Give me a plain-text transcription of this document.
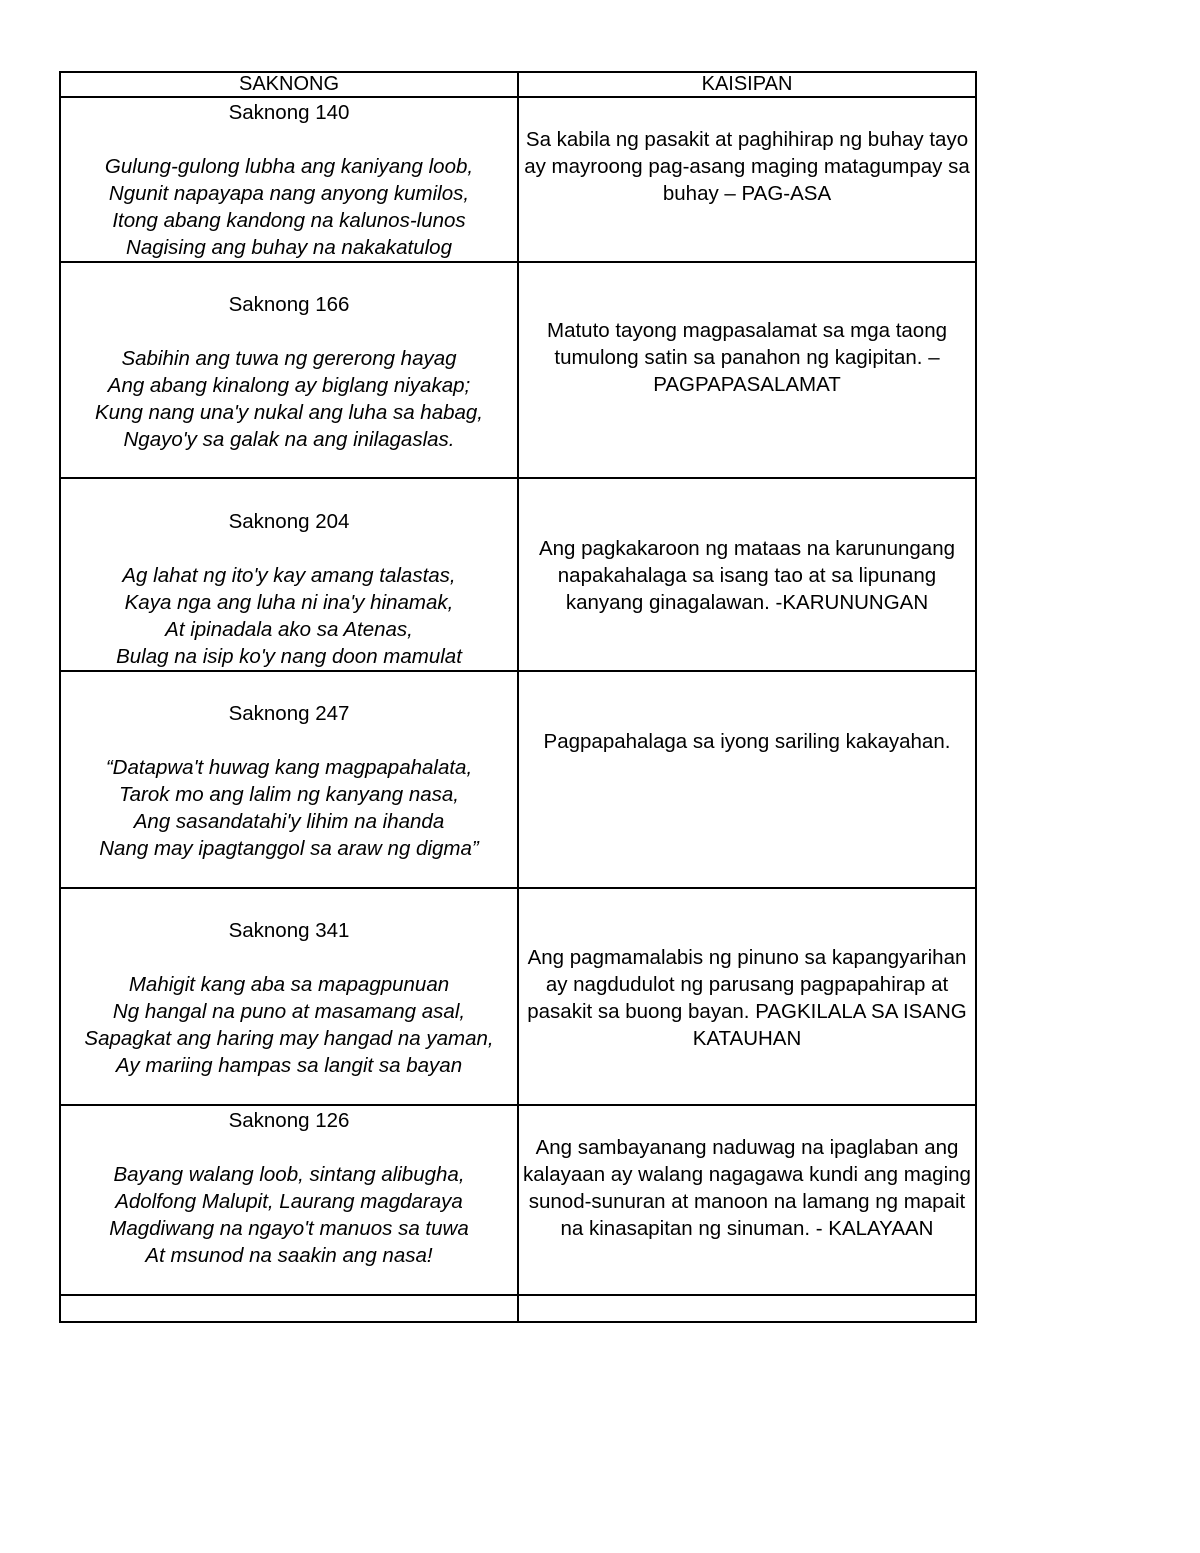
SAKNONG	KAISIPAN

Saknong 140
Gulung-gulong lubha ang kaniyang loob,
Ngunit napayapa nang anyong kumilos,
Itong abang kandong na kalunos-lunos
Nagising ang buhay na nakakatulog	Sa kabila ng pasakit at paghihirap ng buhay tayo ay mayroong pag-asang maging matagumpay sa buhay – PAG-ASA

Saknong 166
Sabihin ang tuwa ng gererong hayag
Ang abang kinalong ay biglang niyakap;
Kung nang una'y nukal ang luha sa habag,
Ngayo'y sa galak na ang inilagaslas.	Matuto tayong magpasalamat sa mga taong tumulong satin sa panahon ng kagipitan. – PAGPAPASALAMAT

Saknong 204
Ag lahat ng ito'y kay amang talastas,
Kaya nga ang luha ni ina'y hinamak,
At ipinadala ako sa Atenas,
Bulag na isip ko'y nang doon mamulat	Ang pagkakaroon ng mataas na karunungang napakahalaga sa isang tao at sa lipunang kanyang ginagalawan. -KARUNUNGAN

Saknong 247
“Datapwa't huwag kang magpapahalata,
Tarok mo ang lalim ng kanyang nasa,
Ang sasandatahi'y lihim na ihanda
Nang may ipagtanggol sa araw ng digma”	Pagpapahalaga sa iyong sariling kakayahan.

Saknong 341
Mahigit kang aba sa mapagpunuan
Ng hangal na puno at masamang asal,
Sapagkat ang haring may hangad na yaman,
Ay mariing hampas sa langit sa bayan	Ang pagmamalabis ng pinuno sa kapangyarihan ay nagdudulot ng parusang pagpapahirap at pasakit sa buong bayan. PAGKILALA SA ISANG KATAUHAN

Saknong 126
Bayang walang loob, sintang alibugha,
Adolfong Malupit, Laurang magdaraya
Magdiwang na ngayo't manuos sa tuwa
At msunod na saakin ang nasa!	Ang sambayanang naduwag na ipaglaban ang kalayaan ay walang nagagawa kundi ang maging sunod-sunuran at manoon na lamang ng mapait na kinasapitan ng sinuman. - KALAYAAN
